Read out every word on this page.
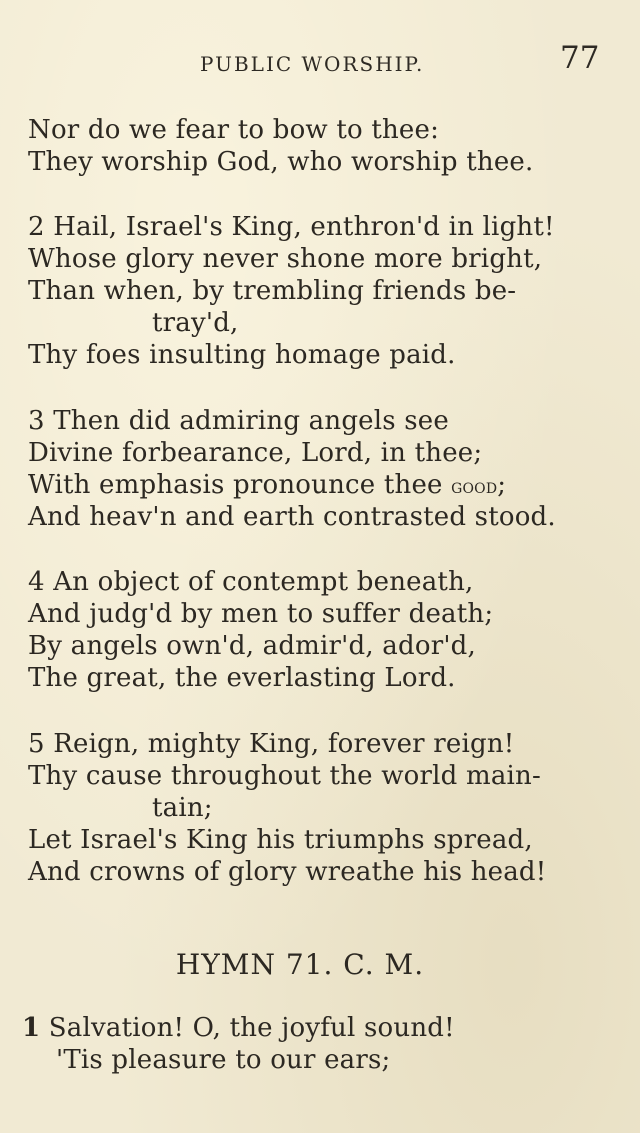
PUBLIC WORSHIP.	77
Nor do we fear to bow to thee:
They worship God, who worship thee.
2 Hail, Israel's King, enthron'd in light!
Whose glory never shone more bright,
Than when, by trembling friends be-
tray'd,
Thy foes insulting homage paid.
3 Then did admiring angels see
Divine forbearance, Lord, in thee;
With emphasis pronounce thee good;
And heav'n and earth contrasted stood.
4 An object of contempt beneath,
And judg'd by men to suffer death;
By angels own'd, admir'd, ador'd,
The great, the everlasting Lord.
5 Reign, mighty King, forever reign!
Thy cause throughout the world main-
tain;
Let Israel's King his triumphs spread,
And crowns of glory wreathe his head!
HYMN 71. C. M.
1 Salvation! O, the joyful sound!
'Tis pleasure to our ears;
